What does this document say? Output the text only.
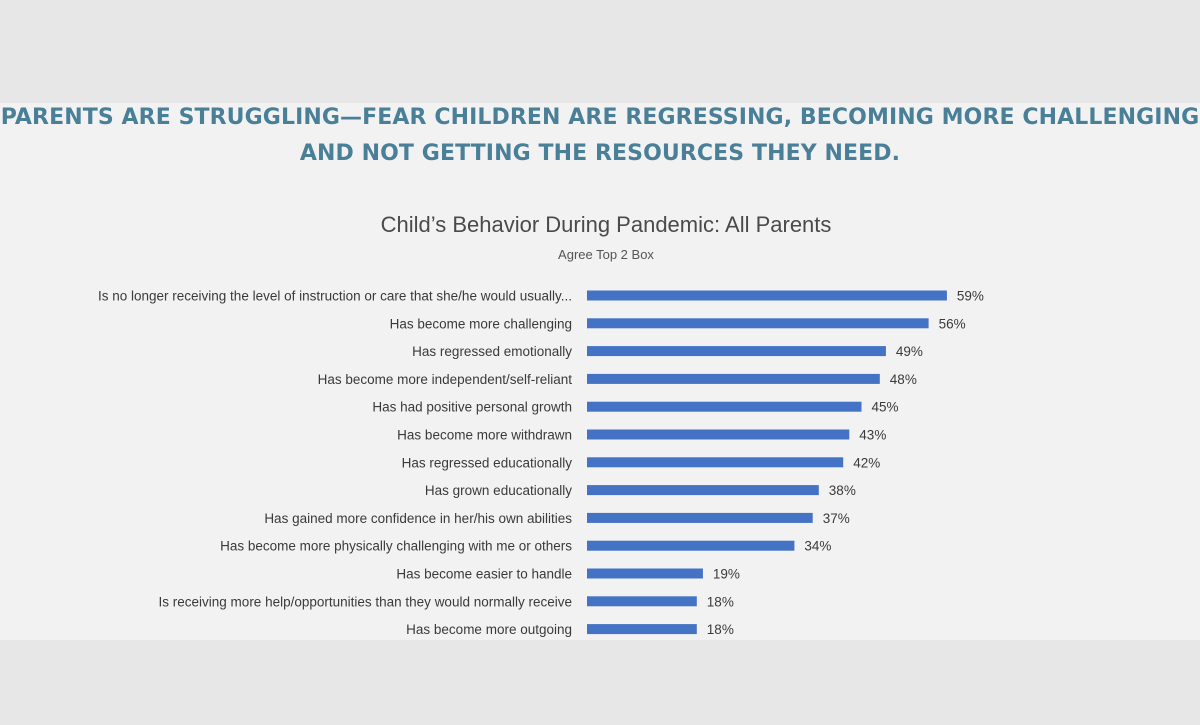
PARENTS ARE STRUGGLING—FEAR CHILDREN ARE REGRESSING, BECOMING MORE CHALLENGING
AND NOT GETTING THE RESOURCES THEY NEED.
Child’s Behavior During Pandemic: All Parents
Agree Top 2 Box
Is no longer receiving the level of instruction or care that she/he would usually...	59%
Has become more challenging	56%
Has regressed emotionally	49%
Has become more independent/self-reliant	48%
Has had positive personal growth	45%
Has become more withdrawn	43%
Has regressed educationally	42%
Has grown educationally	38%
Has gained more confidence in her/his own abilities	37%
Has become more physically challenging with me or others	34%
Has become easier to handle	19%
Is receiving more help/opportunities than they would normally receive	18%
Has become more outgoing	18%
